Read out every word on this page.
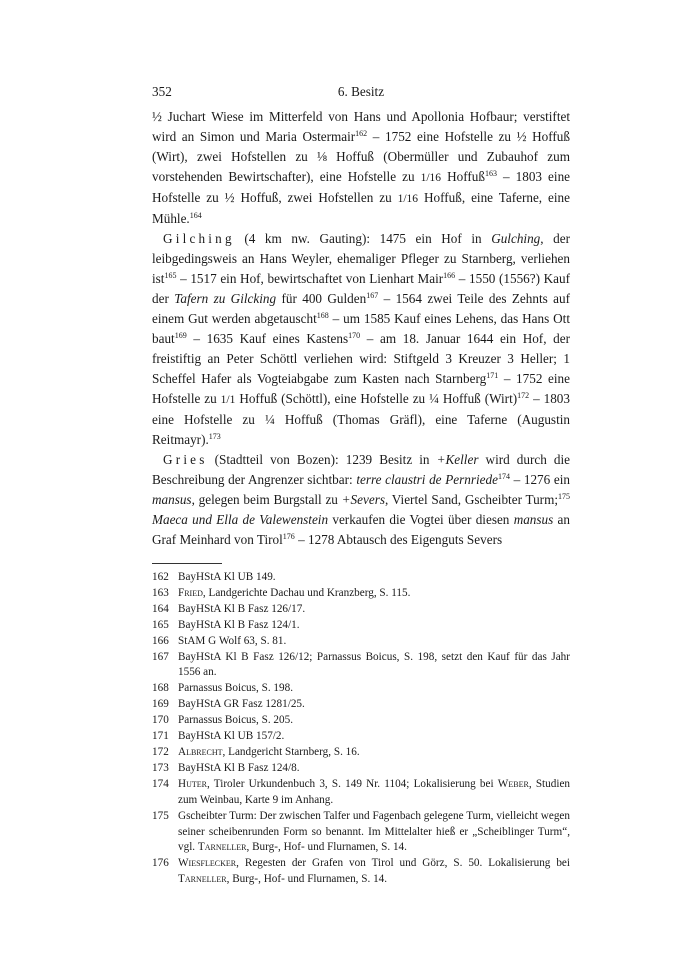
352	6. Besitz

½ Juchart Wiese im Mitterfeld von Hans und Apollonia Hofbaur; verstiftet wird an Simon und Maria Ostermair$^{162}$ – 1752 eine Hofstelle zu ½ Hoffuß (Wirt), zwei Hofstellen zu ⅛ Hoffuß (Obermüller und Zubauhof zum vorstehenden Bewirtschafter), eine Hofstelle zu 1/16 Hoffuß$^{163}$ – 1803 eine Hofstelle zu ½ Hoffuß, zwei Hofstellen zu 1/16 Hoffuß, eine Taferne, eine Mühle.$^{164}$

Gilching (4 km nw. Gauting): 1475 ein Hof in Gulching, der leibgedingsweis an Hans Weyler, ehemaliger Pfleger zu Starnberg, verliehen ist$^{165}$ – 1517 ein Hof, bewirtschaftet von Lienhart Mair$^{166}$ – 1550 (1556?) Kauf der Tafern zu Gilcking für 400 Gulden$^{167}$ – 1564 zwei Teile des Zehnts auf einem Gut werden abgetauscht$^{168}$ – um 1585 Kauf eines Lehens, das Hans Ott baut$^{169}$ – 1635 Kauf eines Kastens$^{170}$ – am 18. Januar 1644 ein Hof, der freistiftig an Peter Schöttl verliehen wird: Stiftgeld 3 Kreuzer 3 Heller; 1 Scheffel Hafer als Vogteiabgabe zum Kasten nach Starnberg$^{171}$ – 1752 eine Hofstelle zu 1/1 Hoffuß (Schöttl), eine Hofstelle zu ¼ Hoffuß (Wirt)$^{172}$ – 1803 eine Hofstelle zu ¼ Hoffuß (Thomas Gräfl), eine Taferne (Augustin Reitmayr).$^{173}$

Gries (Stadtteil von Bozen): 1239 Besitz in +Keller wird durch die Beschreibung der Angrenzer sichtbar: terre claustri de Pernriede$^{174}$ – 1276 ein mansus, gelegen beim Burgstall zu +Severs, Viertel Sand, Gscheibter Turm;$^{175}$ Maeca und Ella de Valewenstein verkaufen die Vogtei über diesen mansus an Graf Meinhard von Tirol$^{176}$ – 1278 Abtausch des Eigenguts Severs

162 BayHStA Kl UB 149.
163 Fried, Landgerichte Dachau und Kranzberg, S. 115.
164 BayHStA Kl B Fasz 126/17.
165 BayHStA Kl B Fasz 124/1.
166 StAM G Wolf 63, S. 81.
167 BayHStA Kl B Fasz 126/12; Parnassus Boicus, S. 198, setzt den Kauf für das Jahr 1556 an.
168 Parnassus Boicus, S. 198.
169 BayHStA GR Fasz 1281/25.
170 Parnassus Boicus, S. 205.
171 BayHStA Kl UB 157/2.
172 Albrecht, Landgericht Starnberg, S. 16.
173 BayHStA Kl B Fasz 124/8.
174 Huter, Tiroler Urkundenbuch 3, S. 149 Nr. 1104; Lokalisierung bei Weber, Studien zum Weinbau, Karte 9 im Anhang.
175 Gscheibter Turm: Der zwischen Talfer und Fagenbach gelegene Turm, vielleicht wegen seiner scheibenrunden Form so benannt. Im Mittelalter hieß er „Scheiblinger Turm“, vgl. Tarneller, Burg-, Hof- und Flurnamen, S. 14.
176 Wiesflecker, Regesten der Grafen von Tirol und Görz, S. 50. Lokalisierung bei Tarneller, Burg-, Hof- und Flurnamen, S. 14.
